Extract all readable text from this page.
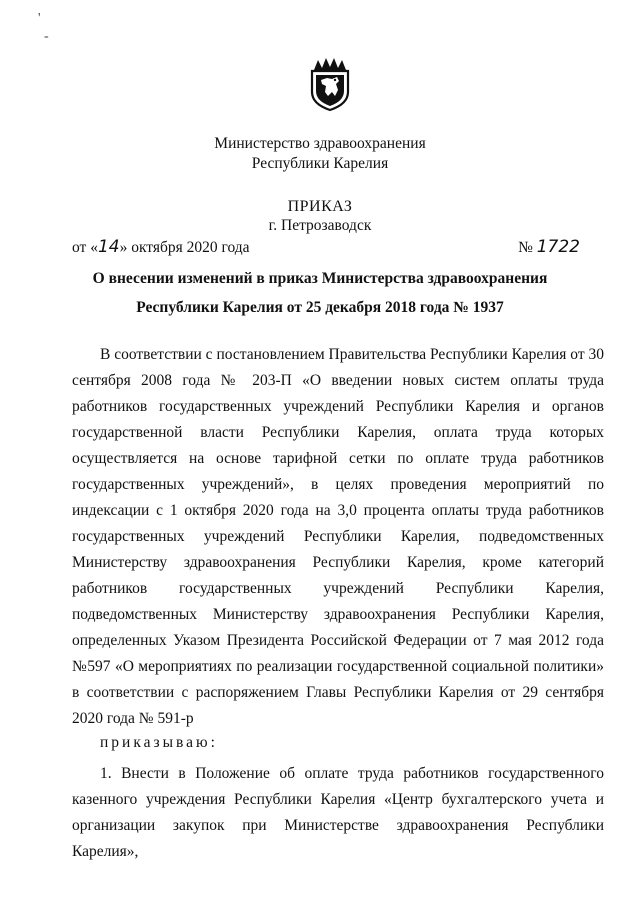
'
-
Министерство здравоохранения
Республики Карелия
ПРИКАЗ
г. Петрозаводск
от «14» октября 2020 года	№ 1722
О внесении изменений в приказ Министерства здравоохранения
Республики Карелия от 25 декабря 2018 года № 1937
В соответствии с постановлением Правительства Республики Карелия от 30 сентября 2008 года № 203-П «О введении новых систем оплаты труда работников государственных учреждений Республики Карелия и органов государственной власти Республики Карелия, оплата труда которых осуществляется на основе тарифной сетки по оплате труда работников государственных учреждений», в целях проведения мероприятий по индексации с 1 октября 2020 года на 3,0 процента оплаты труда работников государственных учреждений Республики Карелия, подведомственных Министерству здравоохранения Республики Карелия, кроме категорий работников государственных учреждений Республики Карелия, подведомственных Министерству здравоохранения Республики Карелия, определенных Указом Президента Российской Федерации от 7 мая 2012 года №597 «О мероприятиях по реализации государственной социальной политики» в соответствии с распоряжением Главы Республики Карелия от 29 сентября 2020 года № 591-р
приказываю:
1. Внести в Положение об оплате труда работников государственного казенного учреждения Республики Карелия «Центр бухгалтерского учета и организации закупок при Министерстве здравоохранения Республики Карелия»,
